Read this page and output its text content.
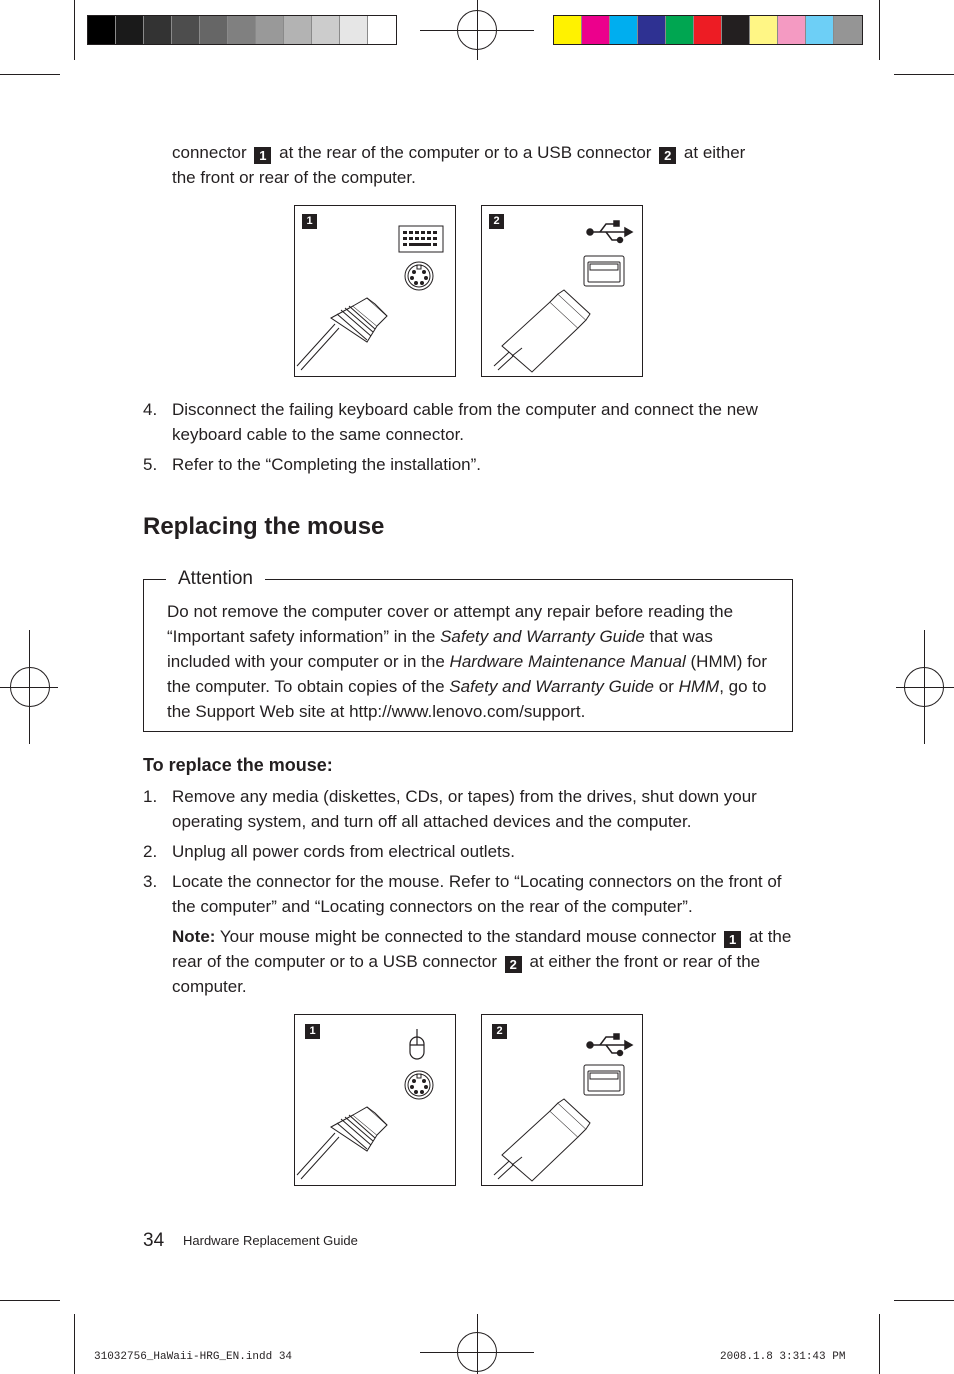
connector 1 at the rear of the computer or to a USB connector 2 at either
the front or rear of the computer.
1	2
4. Disconnect the failing keyboard cable from the computer and connect the new keyboard cable to the same connector.
5. Refer to the “Completing the installation”.
Replacing the mouse
Attention
Do not remove the computer cover or attempt any repair before reading the “Important safety information” in the Safety and Warranty Guide that was included with your computer or in the Hardware Maintenance Manual (HMM) for the computer. To obtain copies of the Safety and Warranty Guide or HMM, go to the Support Web site at http://www.lenovo.com/support.
To replace the mouse:
1. Remove any media (diskettes, CDs, or tapes) from the drives, shut down your operating system, and turn off all attached devices and the computer.
2. Unplug all power cords from electrical outlets.
3. Locate the connector for the mouse. Refer to “Locating connectors on the front of the computer” and “Locating connectors on the rear of the computer”.
Note: Your mouse might be connected to the standard mouse connector 1 at the rear of the computer or to a USB connector 2 at either the front or rear of the computer.
1	2
34 Hardware Replacement Guide
31032756_HaWaii-HRG_EN.indd 34	2008.1.8 3:31:43 PM
